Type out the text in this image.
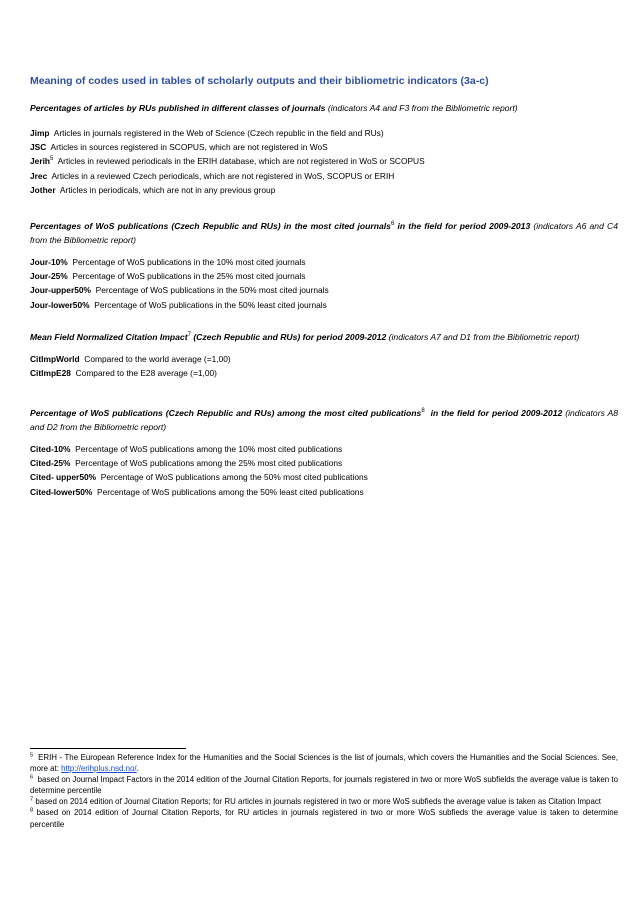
Meaning of codes used in tables of scholarly outputs and their bibliometric indicators (3a-c)
Percentages of articles by RUs published in different classes of journals (indicators A4 and F3 from the Bibliometric report)
Jimp Articles in journals registered in the Web of Science (Czech republic in the field and RUs)
JSC Articles in sources registered in SCOPUS, which are not registered in WoS
Jerih$^5$ Articles in reviewed periodicals in the ERIH database, which are not registered in WoS or SCOPUS
Jrec Articles in a reviewed Czech periodicals, which are not registered in WoS, SCOPUS or ERIH
Jother Articles in periodicals, which are not in any previous group
Percentages of WoS publications (Czech Republic and RUs) in the most cited journals$^6$ in the field for period 2009-2013 (indicators A6 and C4 from the Bibliometric report)
Jour-10% Percentage of WoS publications in the 10% most cited journals
Jour-25% Percentage of WoS publications in the 25% most cited journals
Jour-upper50% Percentage of WoS publications in the 50% most cited journals
Jour-lower50% Percentage of WoS publications in the 50% least cited journals
Mean Field Normalized Citation Impact$^7$ (Czech Republic and RUs) for period 2009-2012 (indicators A7 and D1 from the Bibliometric report)
CitImpWorld Compared to the world average (=1,00)
CitImpE28 Compared to the E28 average (=1,00)
Percentage of WoS publications (Czech Republic and RUs) among the most cited publications$^8$ in the field for period 2009-2012 (indicators A8 and D2 from the Bibliometric report)
Cited-10% Percentage of WoS publications among the 10% most cited publications
Cited-25% Percentage of WoS publications among the 25% most cited publications
Cited- upper50% Percentage of WoS publications among the 50% most cited publications
Cited-lower50% Percentage of WoS publications among the 50% least cited publications
$^5$ ERIH - The European Reference Index for the Humanities and the Social Sciences is the list of journals, which covers the Humanities and the Social Sciences. See, more at: http://erihplus.nsd.no/.
$^6$ based on Journal Impact Factors in the 2014 edition of the Journal Citation Reports, for journals registered in two or more WoS subfields the average value is taken to determine percentile
$^7$ based on 2014 edition of Journal Citation Reports; for RU articles in journals registered in two or more WoS subfieds the average value is taken as Citation Impact
$^8$ based on 2014 edition of Journal Citation Reports, for RU articles in journals registered in two or more WoS subfieds the average value is taken to determine percentile
